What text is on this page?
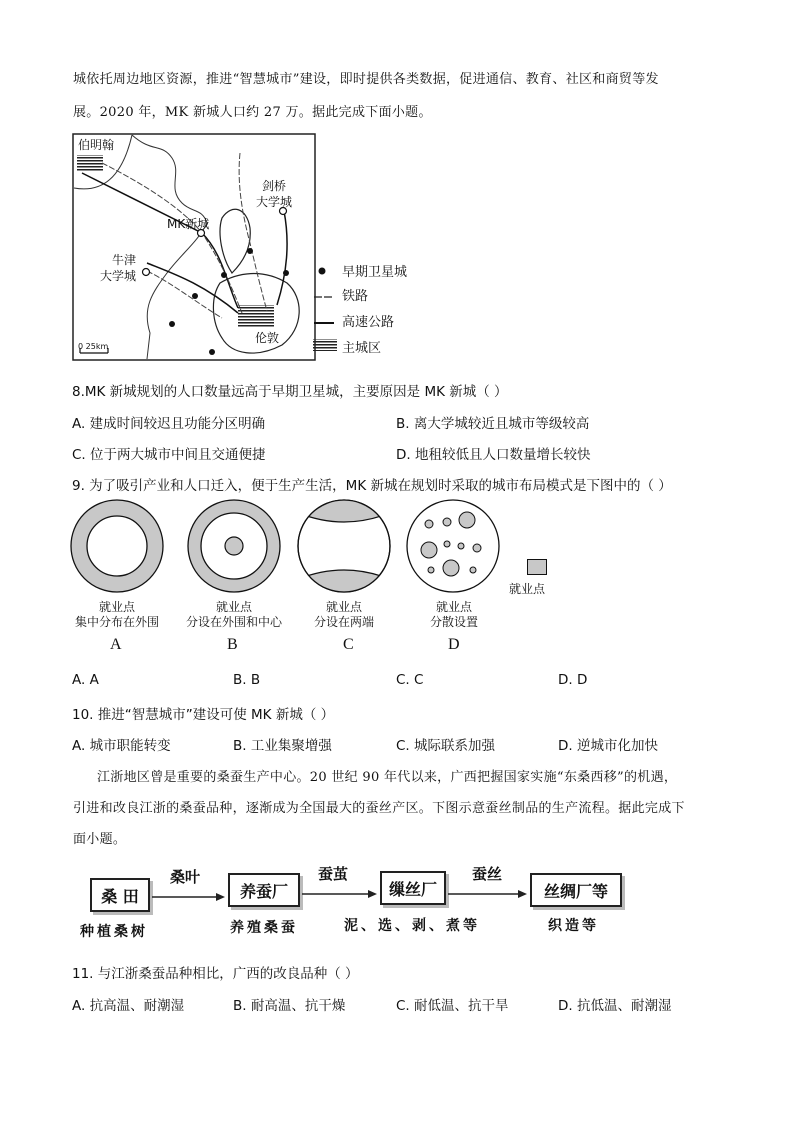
城依托周边地区资源，推进“智慧城市”建设，即时提供各类数据，促进通信、教育、社区和商贸等发
展。2020 年，MK 新城人口约 27 万。据此完成下面小题。
伯明翰
剑桥
大学城
MK新城
牛津
大学城
伦敦
0 25km
早期卫星城
铁路
高速公路
主城区
8.MK 新城规划的人口数量远高于早期卫星城，主要原因是 MK 新城（ ）
A. 建成时间较迟且功能分区明确	B. 离大学城较近且城市等级较高
C. 位于两大城市中间且交通便捷	D. 地租较低且人口数量增长较快
9. 为了吸引产业和人口迁入，便于生产生活，MK 新城在规划时采取的城市布局模式是下图中的（ ）
就业点
就业点
集中分布在外围
A
就业点
分设在外围和中心
B
就业点
分设在两端
C
就业点
分散设置
D
A. A	B. B	C. C	D. D
10. 推进“智慧城市”建设可使 MK 新城（ ）
A. 城市职能转变	B. 工业集聚增强	C. 城际联系加强	D. 逆城市化加快
江浙地区曾是重要的桑蚕生产中心。20 世纪 90 年代以来，广西把握国家实施“东桑西移”的机遇，
引进和改良江浙的桑蚕品种，逐渐成为全国最大的蚕丝产区。下图示意蚕丝制品的生产流程。据此完成下
面小题。
桑 田	养蚕厂	缫丝厂	丝绸厂等
桑叶	蚕茧	蚕丝
种植桑树	养殖桑蚕	泥、选、剥、煮等	织造等
11. 与江浙桑蚕品种相比，广西的改良品种（ ）
A. 抗高温、耐潮湿	B. 耐高温、抗干燥	C. 耐低温、抗干旱	D. 抗低温、耐潮湿
